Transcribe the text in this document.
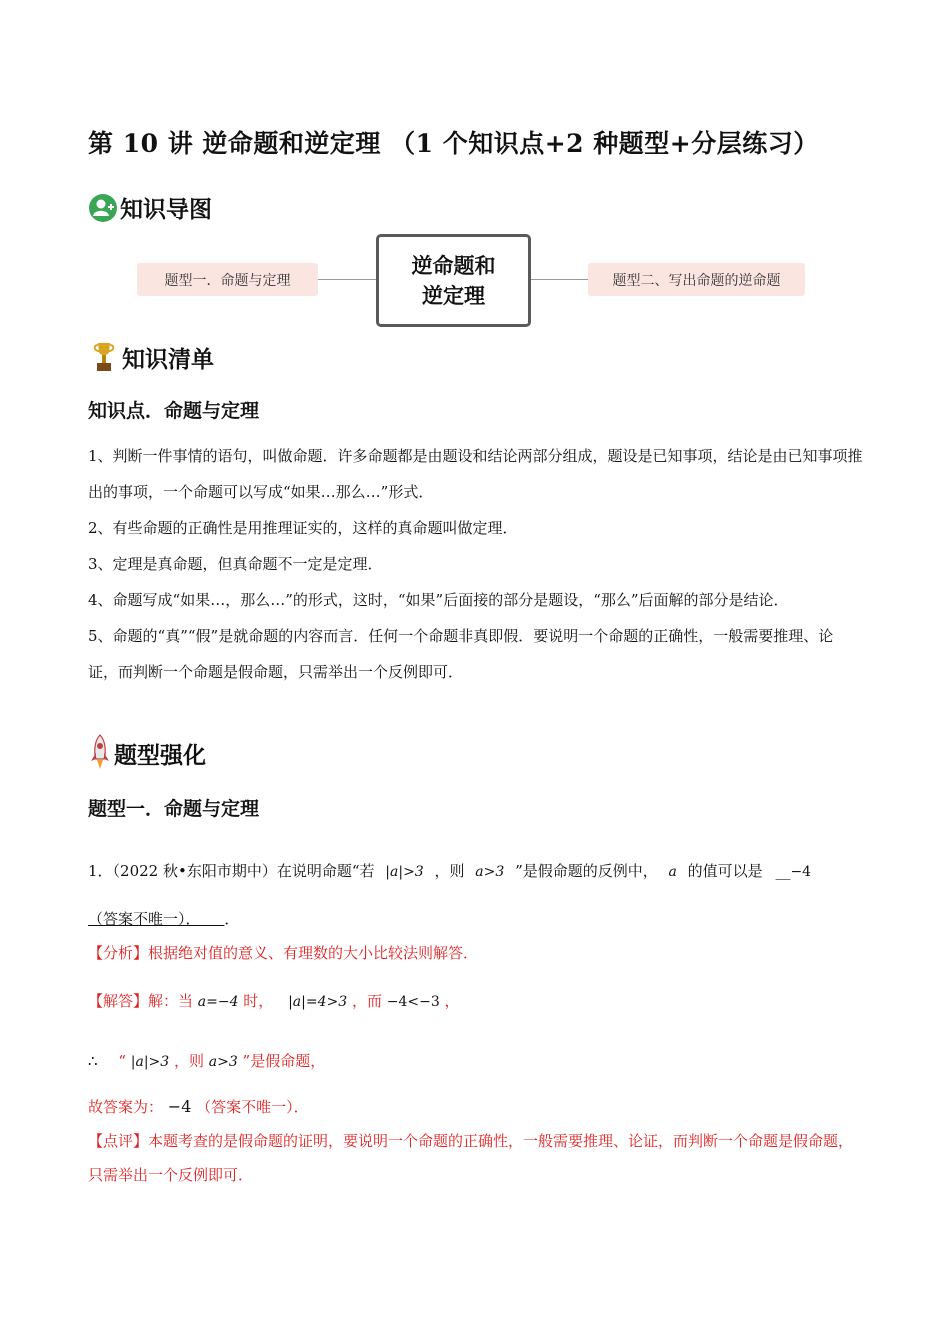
第 10 讲 逆命题和逆定理 （1 个知识点+2 种题型+分层练习）
知识导图
题型一．命题与定理
逆命题和
逆定理
题型二、写出命题的逆命题
知识清单
知识点．命题与定理

1、判断一件事情的语句，叫做命题．许多命题都是由题设和结论两部分组成，题设是已知事项，结论是由已知事项推出的事项，一个命题可以写成“如果…那么…”形式．

2、有些命题的正确性是用推理证实的，这样的真命题叫做定理．

3、定理是真命题，但真命题不一定是定理．

4、命题写成“如果…，那么…”的形式，这时，“如果”后面接的部分是题设，“那么”后面解的部分是结论．

5、命题的“真”“假”是就命题的内容而言．任何一个命题非真即假．要说明一个命题的正确性，一般需要推理、论证，而判断一个命题是假命题，只需举出一个反例即可．

题型强化
题型一．命题与定理
1．（2022 秋•东阳市期中）在说明命题“若 |a|>3 ，则 a>3 ”是假命题的反例中， a 的值可以是 __−4
（答案不唯一）． ．
【分析】根据绝对值的意义、有理数的大小比较法则解答．
【解答】解：当 a=−4 时， |a|=4>3 ，而 −4<−3 ，
∴ “ |a|>3 ，则 a>3 ”是假命题，
故答案为： −4 （答案不唯一）．
【点评】本题考查的是假命题的证明，要说明一个命题的正确性，一般需要推理、论证，而判断一个命题是假命题，只需举出一个反例即可．
